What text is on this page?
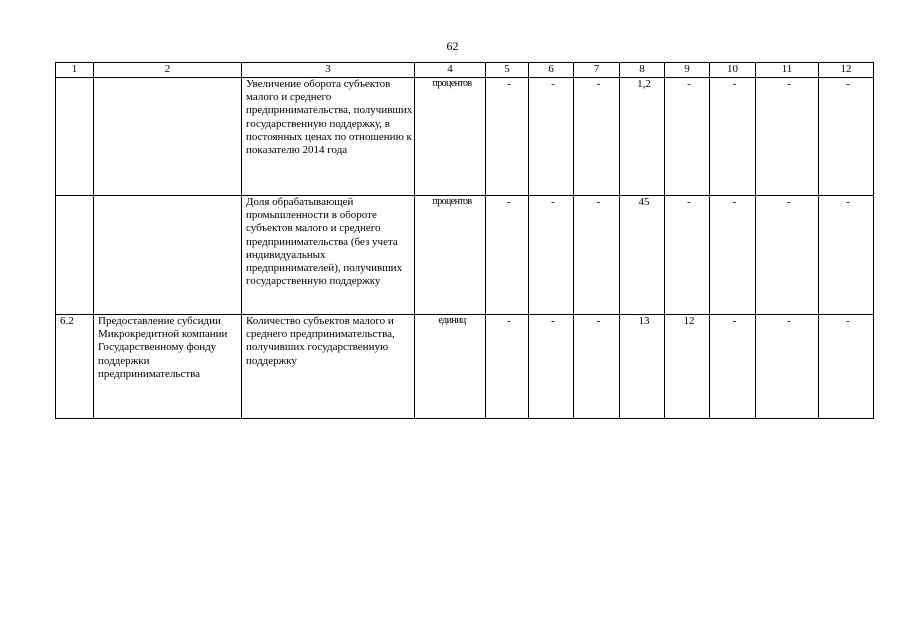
62
1	2	3	4	5	6	7	8	9	10	11	12
		Увеличение оборота субъектов малого и среднего предпринимательства, получивших государственную поддержку, в постоянных ценах по отношению к показателю 2014 года	процентов	-	-	-	1,2	-	-	-	-
		Доля обрабатывающей промышленности в обороте субъектов малого и среднего предпринимательства (без учета индивидуальных предпринимателей), получивших государственную поддержку	процентов	-	-	-	45	-	-	-	-
6.2	Предоставление субсидии Микрокредитной компании Государственному фонду поддержки предпринимательства	Количество субъектов малого и среднего предпринимательства, получивших государственную поддержку	единиц	-	-	-	13	12	-	-	-
